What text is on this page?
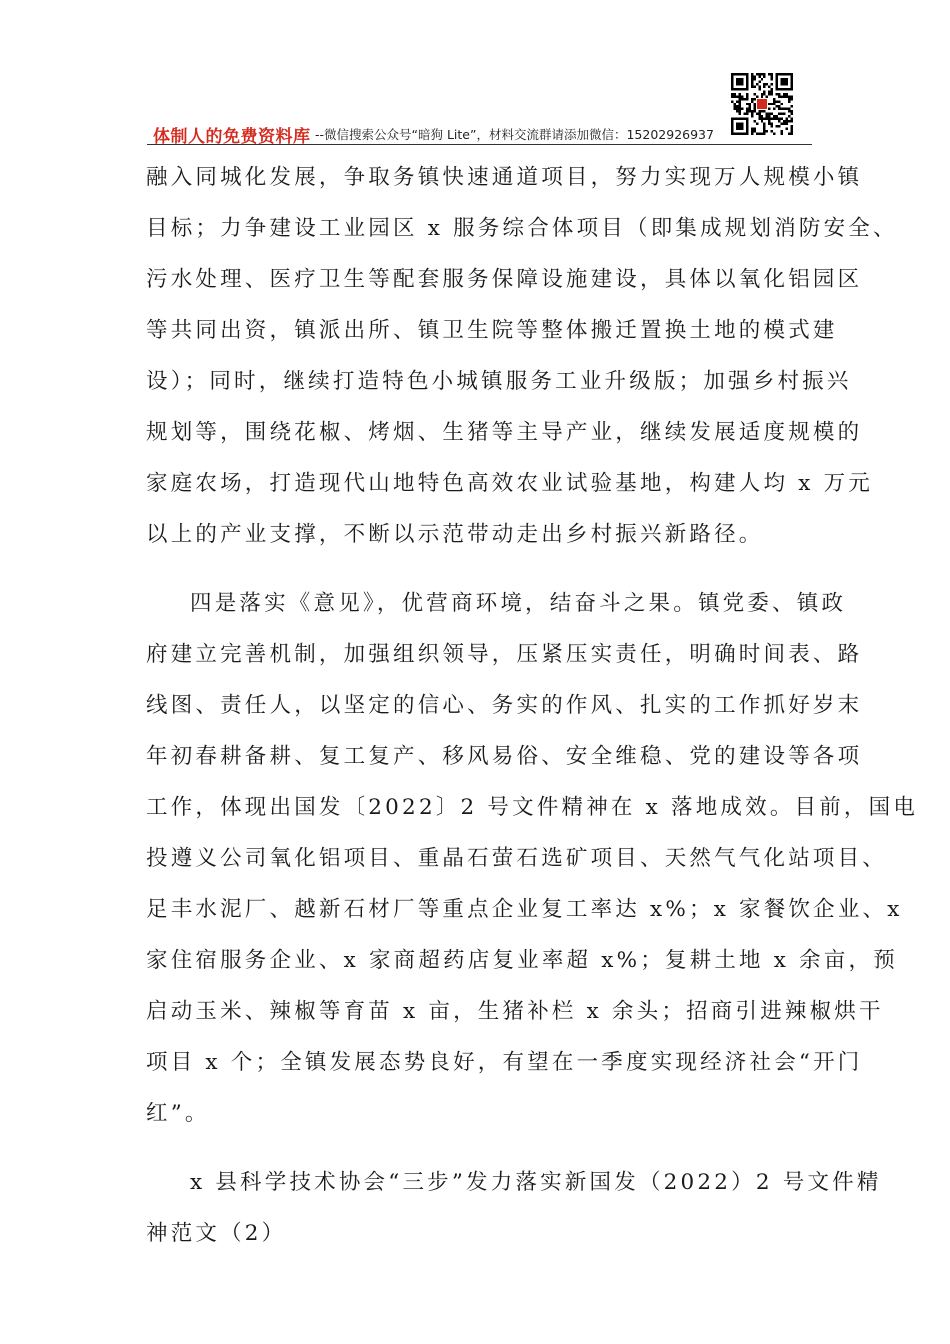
体制人的免费资料库 --微信搜索公众号“暗狗 Lite”，材料交流群请添加微信：15202926937
融入同城化发展，争取务镇快速通道项目，努力实现万人规模小镇
目标；力争建设工业园区 x 服务综合体项目（即集成规划消防安全、
污水处理、医疗卫生等配套服务保障设施建设，具体以氧化铝园区
等共同出资，镇派出所、镇卫生院等整体搬迁置换土地的模式建
设）；同时，继续打造特色小城镇服务工业升级版；加强乡村振兴
规划等，围绕花椒、烤烟、生猪等主导产业，继续发展适度规模的
家庭农场，打造现代山地特色高效农业试验基地，构建人均 x 万元
以上的产业支撑，不断以示范带动走出乡村振兴新路径。
四是落实《意见》，优营商环境，结奋斗之果。镇党委、镇政
府建立完善机制，加强组织领导，压紧压实责任，明确时间表、路
线图、责任人，以坚定的信心、务实的作风、扎实的工作抓好岁末
年初春耕备耕、复工复产、移风易俗、安全维稳、党的建设等各项
工作，体现出国发〔2022〕2 号文件精神在 x 落地成效。目前，国电
投遵义公司氧化铝项目、重晶石萤石选矿项目、天然气气化站项目、
足丰水泥厂、越新石材厂等重点企业复工率达 x%；x 家餐饮企业、x
家住宿服务企业、x 家商超药店复业率超 x%；复耕土地 x 余亩，预
启动玉米、辣椒等育苗 x 亩，生猪补栏 x 余头；招商引进辣椒烘干
项目 x 个；全镇发展态势良好，有望在一季度实现经济社会“开门
红”。
x 县科学技术协会“三步”发力落实新国发（2022）2 号文件精
神范文（2）
